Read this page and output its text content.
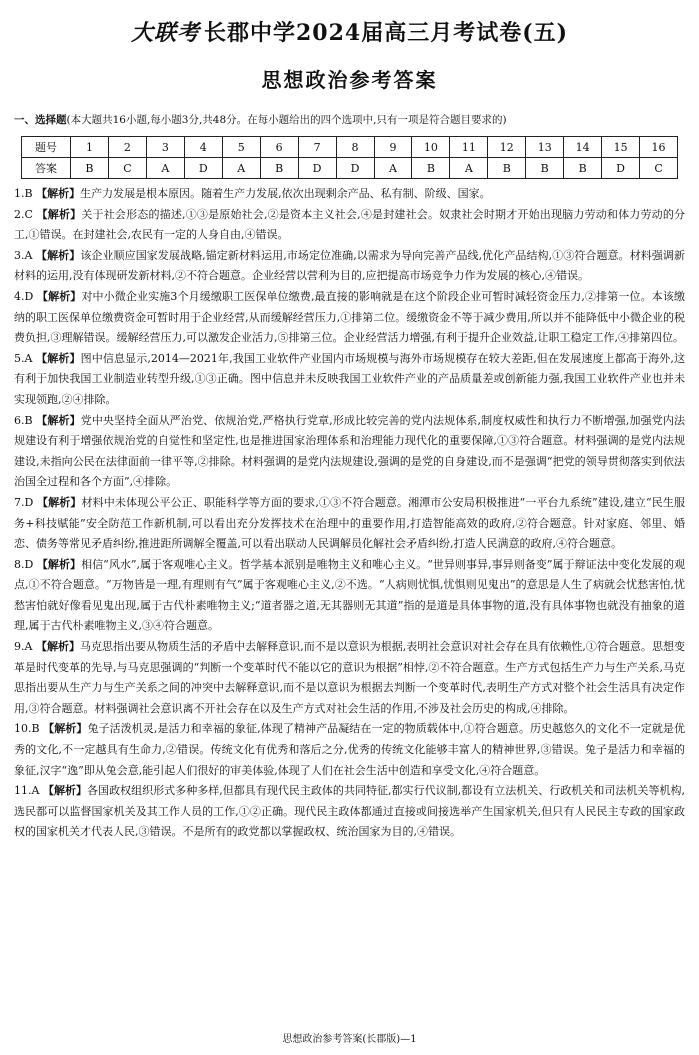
大联考 长郡中学2024届高三月考试卷(五)
思想政治参考答案
一、选择题(本大题共16小题,每小题3分,共48分。在每小题给出的四个选项中,只有一项是符合题目要求的)
题号	1	2	3	4	5	6	7	8	9	10	11	12	13	14	15	16
答案	B	C	A	D	A	B	D	D	A	B	A	B	B	B	D	C
1.B 【解析】生产力发展是根本原因。随着生产力发展,依次出现剩余产品、私有制、阶级、国家。
2.C 【解析】关于社会形态的描述,①③是原始社会,②是资本主义社会,④是封建社会。奴隶社会时期才开始出现脑力劳动和体力劳动的分工,①错误。在封建社会,农民有一定的人身自由,④错误。
3.A 【解析】该企业顺应国家发展战略,锚定新材料运用,市场定位准确,以需求为导向完善产品线,优化产品结构,①③符合题意。材料强调新材料的运用,没有体现研发新材料,②不符合题意。企业经营以营利为目的,应把提高市场竞争力作为发展的核心,④错误。
4.D 【解析】对中小微企业实施3个月缓缴职工医保单位缴费,最直接的影响就是在这个阶段企业可暂时减轻资金压力,②排第一位。本该缴纳的职工医保单位缴费资金可暂时用于企业经营,从而缓解经营压力,①排第二位。缓缴资金不等于减少费用,所以并不能降低中小微企业的税费负担,③理解错误。缓解经营压力,可以激发企业活力,⑤排第三位。企业经营活力增强,有利于提升企业效益,让职工稳定工作,④排第四位。
5.A 【解析】图中信息显示,2014—2021年,我国工业软件产业国内市场规模与海外市场规模存在较大差距,但在发展速度上都高于海外,这有利于加快我国工业制造业转型升级,①③正确。图中信息并未反映我国工业软件产业的产品质量差或创新能力强,我国工业软件产业也并未实现领跑,②④排除。
6.B 【解析】党中央坚持全面从严治党、依规治党,严格执行党章,形成比较完善的党内法规体系,制度权威性和执行力不断增强,加强党内法规建设有利于增强依规治党的自觉性和坚定性,也是推进国家治理体系和治理能力现代化的重要保障,①③符合题意。材料强调的是党内法规建设,未指向公民在法律面前一律平等,②排除。材料强调的是党内法规建设,强调的是党的自身建设,而不是强调“把党的领导贯彻落实到依法治国全过程和各个方面”,④排除。
7.D 【解析】材料中未体现公平公正、职能科学等方面的要求,①③不符合题意。湘潭市公安局积极推进“一平台九系统”建设,建立“民生服务+科技赋能”安全防范工作新机制,可以看出充分发挥技术在治理中的重要作用,打造智能高效的政府,②符合题意。针对家庭、邻里、婚恋、债务等常见矛盾纠纷,推进距所调解全覆盖,可以看出联动人民调解员化解社会矛盾纠纷,打造人民满意的政府,④符合题意。
8.D 【解析】相信“风水”,属于客观唯心主义。哲学基本派别是唯物主义和唯心主义。“世异则事异,事异则备变”属于辩证法中变化发展的观点,①不符合题意。“万物皆是一理,有理则有气”属于客观唯心主义,②不选。“人病则忧惧,忧惧则见鬼出”的意思是人生了病就会忧愁害怕,忧愁害怕就好像看见鬼出现,属于古代朴素唯物主义;“道者器之道,无其器则无其道”指的是道是具体事物的道,没有具体事物也就没有抽象的道理,属于古代朴素唯物主义,③④符合题意。
9.A 【解析】马克思指出要从物质生活的矛盾中去解释意识,而不是以意识为根据,表明社会意识对社会存在具有依赖性,①符合题意。思想变革是时代变革的先导,与马克思强调的“判断一个变革时代不能以它的意识为根据”相悖,②不符合题意。生产方式包括生产力与生产关系,马克思指出要从生产力与生产关系之间的冲突中去解释意识,而不是以意识为根据去判断一个变革时代,表明生产方式对整个社会生活具有决定作用,③符合题意。材料强调社会意识离不开社会存在以及生产方式对社会生活的作用,不涉及社会历史的构成,④排除。
10.B 【解析】兔子活泼机灵,是活力和幸福的象征,体现了精神产品凝结在一定的物质载体中,①符合题意。历史越悠久的文化不一定就是优秀的文化,不一定越具有生命力,②错误。传统文化有优秀和落后之分,优秀的传统文化能够丰富人的精神世界,③错误。兔子是活力和幸福的象征,汉字“逸”即从兔会意,能引起人们很好的审美体验,体现了人们在社会生活中创造和享受文化,④符合题意。
11.A 【解析】各国政权组织形式多种多样,但都具有现代民主政体的共同特征,都实行代议制,都设有立法机关、行政机关和司法机关等机构,选民都可以监督国家机关及其工作人员的工作,①②正确。现代民主政体都通过直接或间接选举产生国家机关,但只有人民民主专政的国家政权的国家机关才代表人民,③错误。不是所有的政党都以掌握政权、统治国家为目的,④错误。
思想政治参考答案(长郡版)—1
